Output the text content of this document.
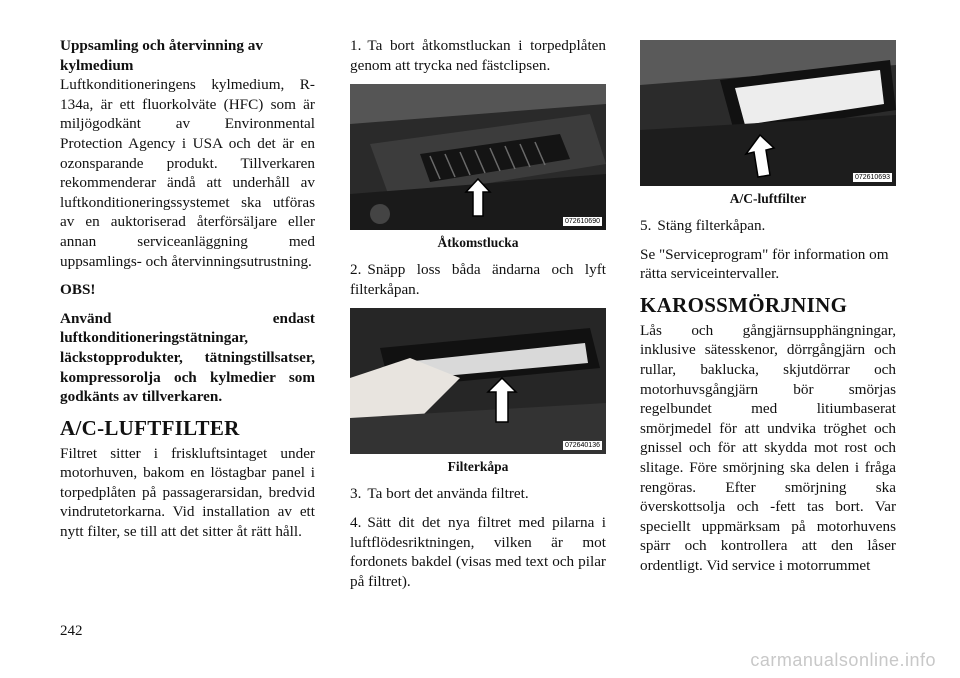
Uppsamling och återvinning av kylmedium

Luftkonditioneringens kylmedium, R-134a, är ett fluorkolväte (HFC) som är miljögodkänt av Environmental Protection Agency i USA och det är en ozonsparande produkt. Tillverkaren rekommenderar ändå att underhåll av luftkonditioneringssystemet ska utföras av en auktoriserad återförsäljare eller annan serviceanläggning med uppsamlings- och återvinningsutrustning.

OBS!

Använd endast luftkonditioneringstätningar, läckstopprodukter, tätningstillsatser, kompressorolja och kylmedier som godkänts av tillverkaren.

A/C-LUFTFILTER

Filtret sitter i friskluftsintaget under motorhuven, bakom en löstagbar panel i torpedplåten på passagerarsidan, bredvid vindrutetorkarna. Vid installation av ett nytt filter, se till att det sitter åt rätt håll.

1. Ta bort åtkomstluckan i torpedplåten genom att trycka ned fästclipsen.

072610690
Åtkomstlucka

2. Snäpp loss båda ändarna och lyft filterkåpan.

072640136
Filterkåpa

3. Ta bort det använda filtret.

4. Sätt dit det nya filtret med pilarna i luftflödesriktningen, vilken är mot fordonets bakdel (visas med text och pilar på filtret).

072610693
A/C-luftfilter

5. Stäng filterkåpan.

Se "Serviceprogram" för information om rätta serviceintervaller.

KAROSSMÖRJNING

Lås och gångjärnsupphängningar, inklusive sätesskenor, dörrgångjärn och rullar, baklucka, skjutdörrar och motorhuvsgångjärn bör smörjas regelbundet med litiumbaserat smörjmedel för att undvika tröghet och gnissel och för att skydda mot rost och slitage. Före smörjning ska delen i fråga rengöras. Efter smörjning ska överskottsolja och -fett tas bort. Var speciellt uppmärksam på motorhuvens spärr och kontrollera att den låser ordentligt. Vid service i motorrummet

242
carmanualsonline.info
